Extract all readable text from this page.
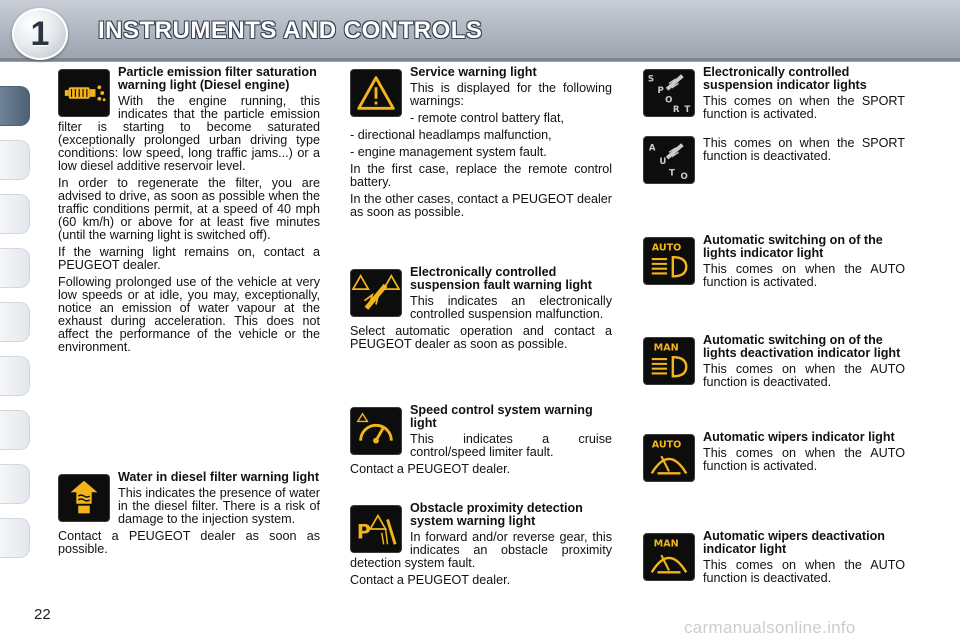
1 INSTRUMENTS AND CONTROLS
Particle emission filter saturation warning light (Diesel engine)

With the engine running, this indicates that the particle emission filter is starting to become saturated (exceptionally prolonged urban driving type conditions: low speed, long traffic jams...) or a low diesel additive reservoir level.

In order to regenerate the filter, you are advised to drive, as soon as possible when the traffic conditions permit, at a speed of 40 mph (60 km/h) or above for at least five minutes (until the warning light is switched off).

If the warning light remains on, contact a PEUGEOT dealer.

Following prolonged use of the vehicle at very low speeds or at idle, you may, exceptionally, notice an emission of water vapour at the exhaust during acceleration. This does not affect the performance of the vehicle or the environment.

Water in diesel filter warning light

This indicates the presence of water in the diesel filter. There is a risk of damage to the injection system.

Contact a PEUGEOT dealer as soon as possible.

Service warning light

This is displayed for the following warnings:

- remote control battery flat,

- directional headlamps malfunction,

- engine management system fault.

In the first case, replace the remote control battery.

In the other cases, contact a PEUGEOT dealer as soon as possible.

Electronically controlled suspension fault warning light

This indicates an electronically controlled suspension malfunction.

Select automatic operation and contact a PEUGEOT dealer as soon as possible.

Speed control system warning light

This indicates a cruise control/speed limiter fault.

Contact a PEUGEOT dealer.

P
Obstacle proximity detection system warning light

In forward and/or reverse gear, this indicates an obstacle proximity detection system fault.

Contact a PEUGEOT dealer.

S
P
O
R T
Electronically controlled suspension indicator lights

This comes on when the SPORT function is activated.

A
U
T O

This comes on when the SPORT function is deactivated.

AUTO
Automatic switching on of the lights indicator light

This comes on when the AUTO function is activated.

MAN
Automatic switching on of the lights deactivation indicator light

This comes on when the AUTO function is deactivated.

AUTO
Automatic wipers indicator light

This comes on when the AUTO function is activated.

MAN
Automatic wipers deactivation indicator light

This comes on when the AUTO function is deactivated.

22
carmanualsonline.info
